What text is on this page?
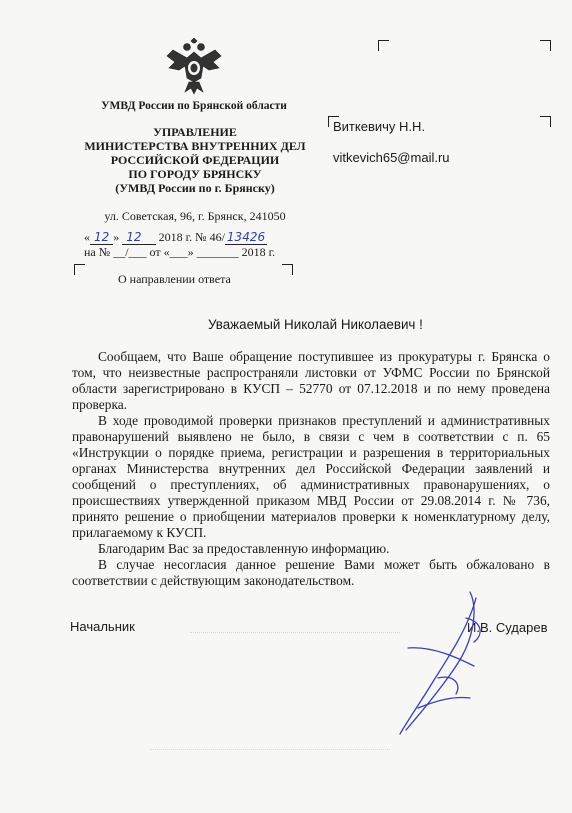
УМВД России по Брянской области
УПРАВЛЕНИЕ
МИНИСТЕРСТВА ВНУТРЕННИХ ДЕЛ
РОССИЙСКОЙ ФЕДЕРАЦИИ
ПО ГОРОДУ БРЯНСКУ
(УМВД России по г. Брянску)
ул. Советская, 96, г. Брянск, 241050
« 12 » 12 2018 г. № 46/ 13426
на № __/___ от «___» _______ 2018 г.
О направлении ответа
Виткевичу Н.Н.
vitkevich65@mail.ru
Уважаемый Николай Николаевич !

Сообщаем, что Ваше обращение поступившее из прокуратуры г. Брянска о том, что неизвестные распространяли листовки от УФМС России по Брянской области зарегистрировано в КУСП – 52770 от 07.12.2018 и по нему проведена проверка.

В ходе проводимой проверки признаков преступлений и административных правонарушений выявлено не было, в связи с чем в соответствии с п. 65 «Инструкции о порядке приема, регистрации и разрешения в территориальных органах Министерства внутренних дел Российской Федерации заявлений и сообщений о преступлениях, об административных правонарушениях, о происшествиях утвержденной приказом МВД России от 29.08.2014 г. № 736, принято решение о приобщении материалов проверки к номенклатурному делу, прилагаемому к КУСП.

Благодарим Вас за предоставленную информацию.

В случае несогласия данное решение Вами может быть обжаловано в соответствии с действующим законодательством.

Начальник	И.В. Сударев
